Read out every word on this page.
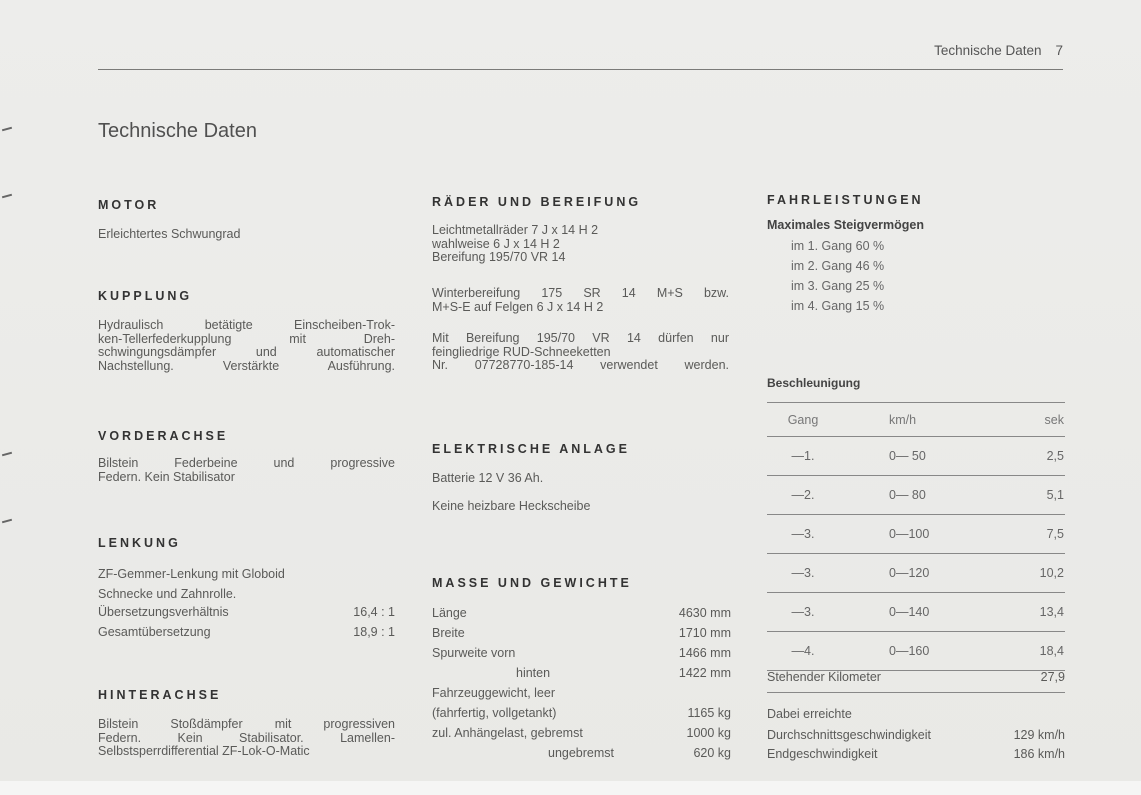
Technische Daten 7
Technische Daten
MOTOR
Erleichtertes Schwungrad
KUPPLUNG
Hydraulisch betätigte Einscheiben-Trok-
ken-Tellerfederkupplung mit Dreh-
schwingungsdämpfer und automatischer
Nachstellung. Verstärkte Ausführung.
VORDERACHSE
Bilstein Federbeine und progressive
Federn. Kein Stabilisator
LENKUNG
ZF-Gemmer-Lenkung mit Globoid
Schnecke und Zahnrolle.
Übersetzungsverhältnis	16,4 : 1
Gesamtübersetzung	18,9 : 1
HINTERACHSE
Bilstein Stoßdämpfer mit progressiven
Federn. Kein Stabilisator. Lamellen-
Selbstsperrdifferential ZF-Lok-O-Matic
RÄDER UND BEREIFUNG
Leichtmetallräder 7 J x 14 H 2
wahlweise 6 J x 14 H 2
Bereifung 195/70 VR 14
Winterbereifung 175 SR 14 M+S bzw.
M+S-E auf Felgen 6 J x 14 H 2
Mit Bereifung 195/70 VR 14 dürfen nur
feingliedrige RUD-Schneeketten
Nr. 07728770-185-14 verwendet werden.
ELEKTRISCHE ANLAGE
Batterie 12 V 36 Ah.
Keine heizbare Heckscheibe
MASSE UND GEWICHTE
Länge	4630 mm
Breite	1710 mm
Spurweite vorn	1466 mm
hinten	1422 mm
Fahrzeuggewicht, leer
(fahrfertig, vollgetankt)	1165 kg
zul. Anhängelast, gebremst	1000 kg
ungebremst	620 kg
FAHRLEISTUNGEN
Maximales Steigvermögen
im 1. Gang 60 %
im 2. Gang 46 %
im 3. Gang 25 %
im 4. Gang 15 %
Beschleunigung
Gang	km/h	sek
—1.	0— 50	2,5
—2.	0— 80	5,1
—3.	0—100	7,5
—3.	0—120	10,2
—3.	0—140	13,4
—4.	0—160	18,4
Stehender Kilometer	27,9
Dabei erreichte
Durchschnittsgeschwindigkeit	129 km/h
Endgeschwindigkeit	186 km/h
